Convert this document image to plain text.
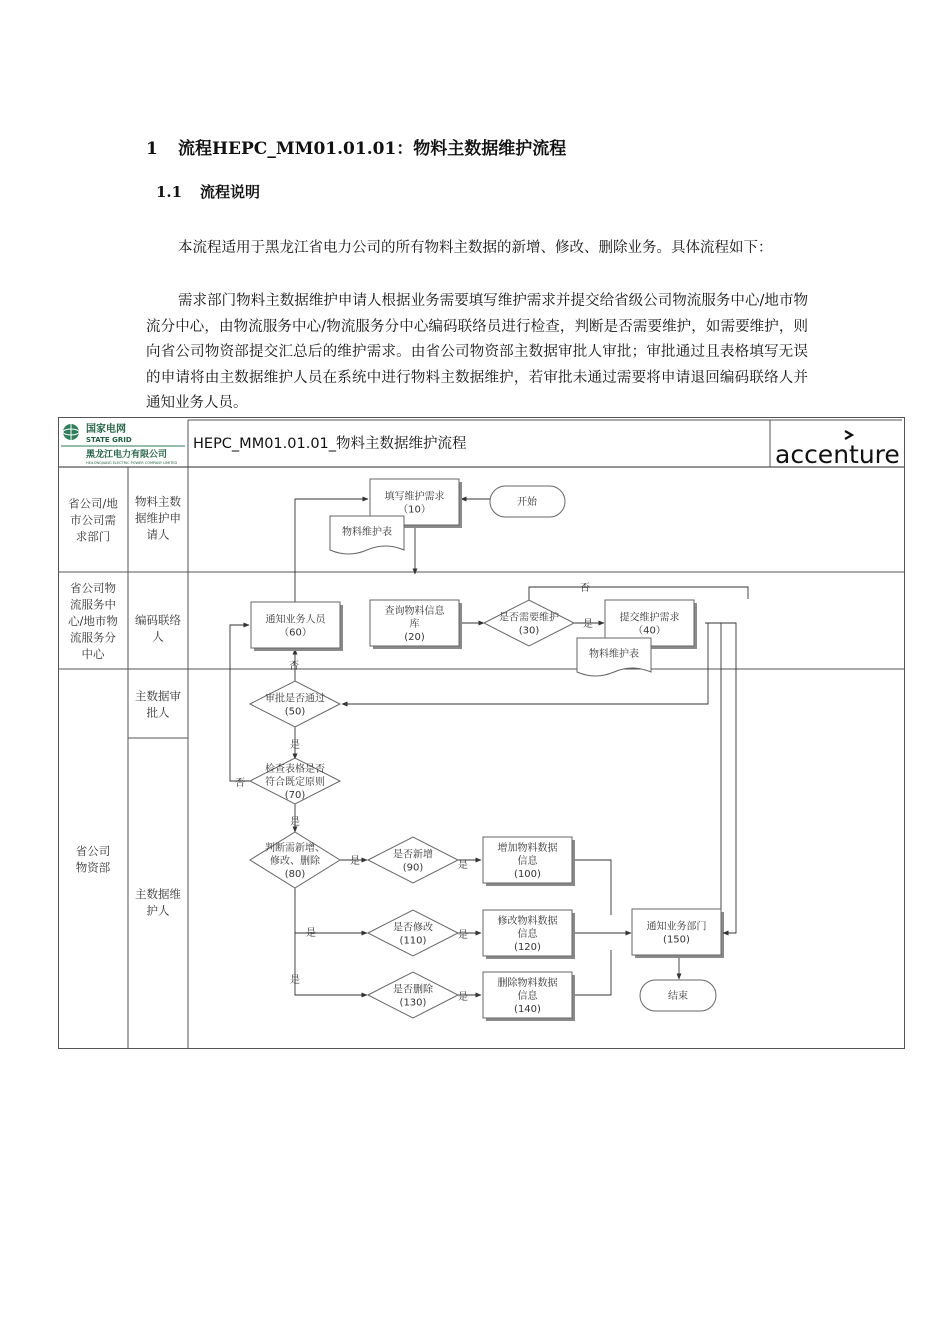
1 流程HEPC_MM01.01.01：物料主数据维护流程
1.1 流程说明

本流程适用于黑龙江省电力公司的所有物料主数据的新增、修改、删除业务。具体流程如下：

需求部门物料主数据维护申请人根据业务需要填写维护需求并提交给省级公司物流服务中心/地市物流分中心，由物流服务中心/物流服务分中心编码联络员进行检查，判断是否需要维护，如需要维护，则向省公司物资部提交汇总后的维护需求。由省公司物资部主数据审批人审批；审批通过且表格填写无误的申请将由主数据维护人员在系统中进行物料主数据维护，若审批未通过需要将申请退回编码联络人并通知业务人员。

国家电网
STATE GRID
黑龙江电力有限公司
HEILONGJIANG ELECTRIC POWER COMPANY LIMITED
HEPC_MM01.01.01_物料主数据维护流程	accenture
省公司/地
市公司需
求部门
省公司物
流服务中
心/地市物
流服务分
中心
省公司
物资部
物料主数
据维护申
请人
编码联络
人
主数据审
批人
主数据维
护人
开始
填写维护需求
（10）
物料维护表
查询物料信息
库
(20)
是否需要维护
(30)
提交维护需求
（40）
物料维护表
通知业务人员
（60）
审批是否通过
(50)
检查表格是否
符合既定原则
(70)
判断需新增、
修改、删除
(80)
是否新增
(90)
是否修改
(110)
是否删除
(130)
增加物料数据
信息
(100)
修改物料数据
信息
(120)
删除物料数据
信息
(140)
通知业务部门
(150)
结束
否
是
否
是
否
是
是	是
是	是
是
是
